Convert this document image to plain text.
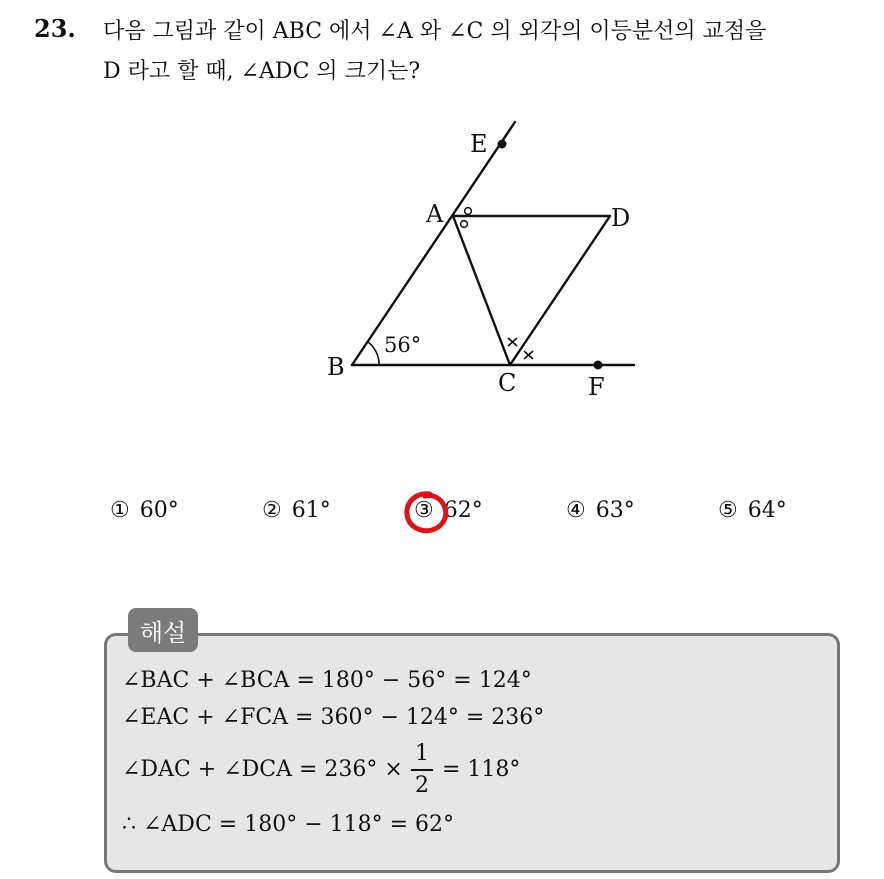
23. 다음 그림과 같이 ABC 에서 ∠A 와 ∠C 의 외각의 이등분선의 교점을
D 라고 할 때, ∠ADC 의 크기는?
E
A	D
B
C	F
56°
① 60°	② 61°	③ 62°	④ 63°	⑤ 64°
해설
∠BAC + ∠BCA = 180° − 56° = 124°
∠EAC + ∠FCA = 360° − 124° = 236°
∠DAC + ∠DCA = 236° ×
1
2
= 118°
∴ ∠ADC = 180° − 118° = 62°
